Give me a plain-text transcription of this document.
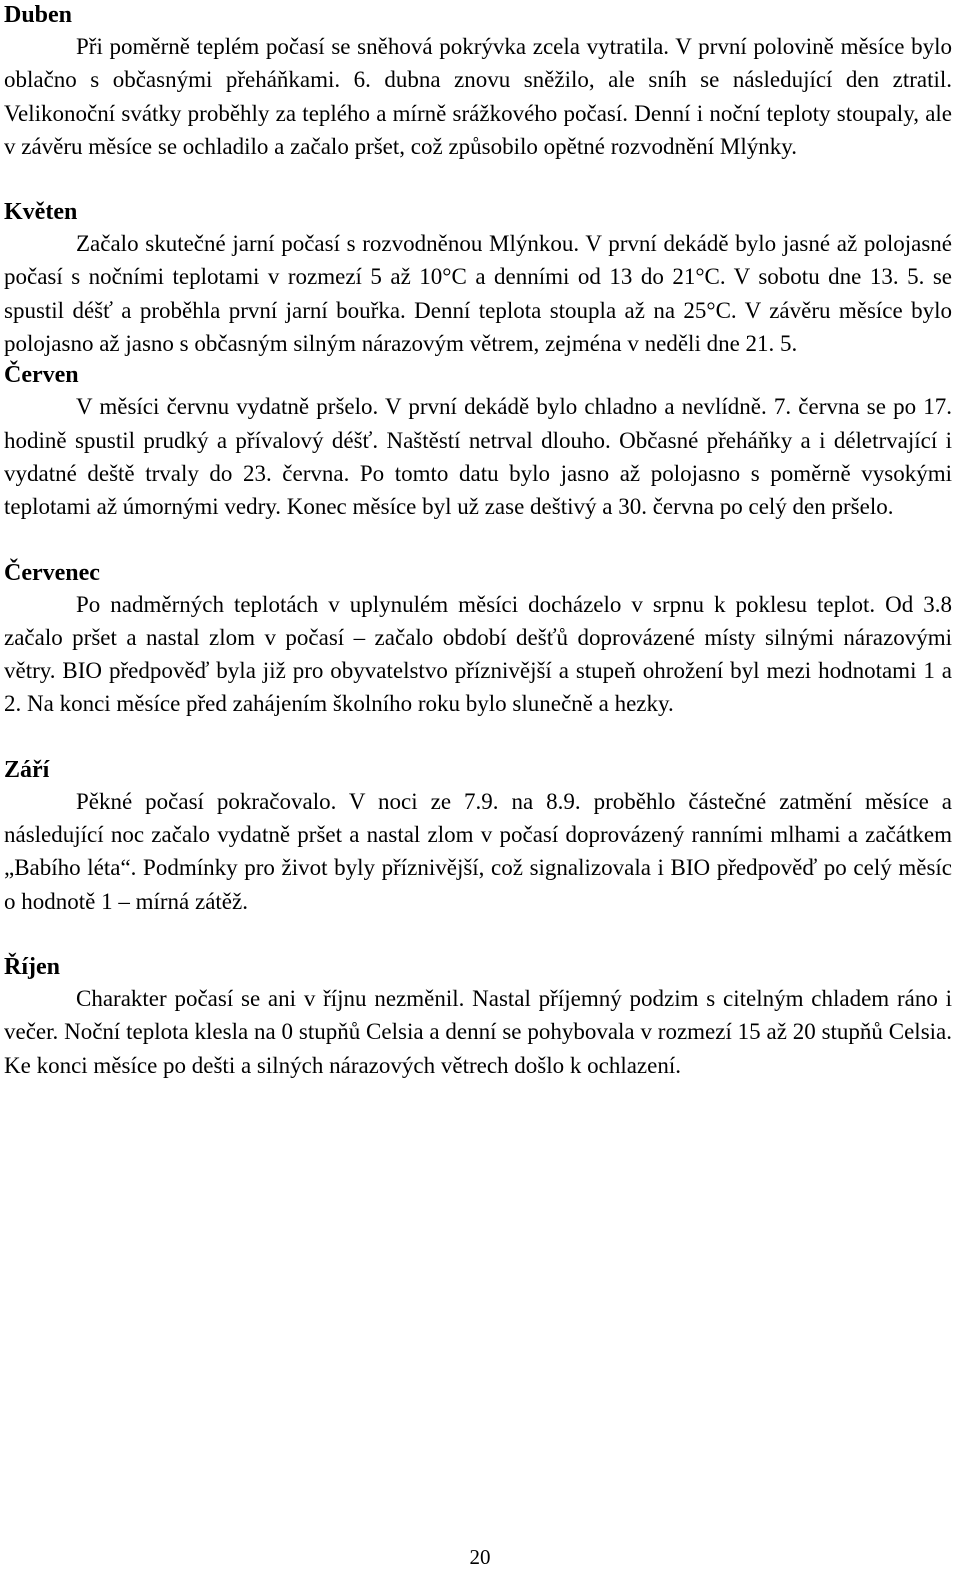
Duben

Při poměrně teplém počasí se sněhová pokrývka zcela vytratila. V první polovině měsíce bylo oblačno s občasnými přeháňkami. 6. dubna znovu sněžilo, ale sníh se následující den ztratil. Velikonoční svátky proběhly za teplého a mírně srážkového počasí. Denní i noční teploty stoupaly, ale v závěru měsíce se ochladilo a začalo pršet, což způsobilo opětné rozvodnění Mlýnky.

Květen

Začalo skutečné jarní počasí s rozvodněnou Mlýnkou. V první dekádě bylo jasné až polojasné počasí s nočními teplotami v rozmezí 5 až 10°C a denními od 13 do 21°C. V sobotu dne 13. 5. se spustil déšť a proběhla první jarní bouřka. Denní teplota stoupla až na 25°C. V závěru měsíce bylo polojasno až jasno s občasným silným nárazovým větrem, zejména v neděli dne 21. 5.

Červen

V měsíci červnu vydatně pršelo. V první dekádě bylo chladno a nevlídně. 7. června se po 17. hodině spustil prudký a přívalový déšť. Naštěstí netrval dlouho. Občasné přeháňky a i déletrvající i vydatné deště trvaly do 23. června. Po tomto datu bylo jasno až polojasno s poměrně vysokými teplotami až úmornými vedry. Konec měsíce byl už zase deštivý a 30. června po celý den pršelo.

Červenec

Po nadměrných teplotách v uplynulém měsíci docházelo v srpnu k poklesu teplot. Od 3.8 začalo pršet a nastal zlom v počasí – začalo období dešťů doprovázené místy silnými nárazovými větry. BIO předpověď byla již pro obyvatelstvo příznivější a stupeň ohrožení byl mezi hodnotami 1 a 2. Na konci měsíce před zahájením školního roku bylo slunečně a hezky.

Září

Pěkné počasí pokračovalo. V noci ze 7.9. na 8.9. proběhlo částečné zatmění měsíce a následující noc začalo vydatně pršet a nastal zlom v počasí doprovázený ranními mlhami a začátkem „Babího léta“. Podmínky pro život byly příznivější, což signalizovala i BIO předpověď po celý měsíc o hodnotě 1 – mírná zátěž.

Říjen

Charakter počasí se ani v říjnu nezměnil. Nastal příjemný podzim s citelným chladem ráno i večer. Noční teplota klesla na 0 stupňů Celsia a denní se pohybovala v rozmezí 15 až 20 stupňů Celsia. Ke konci měsíce po dešti a silných nárazových větrech došlo k ochlazení.

20
